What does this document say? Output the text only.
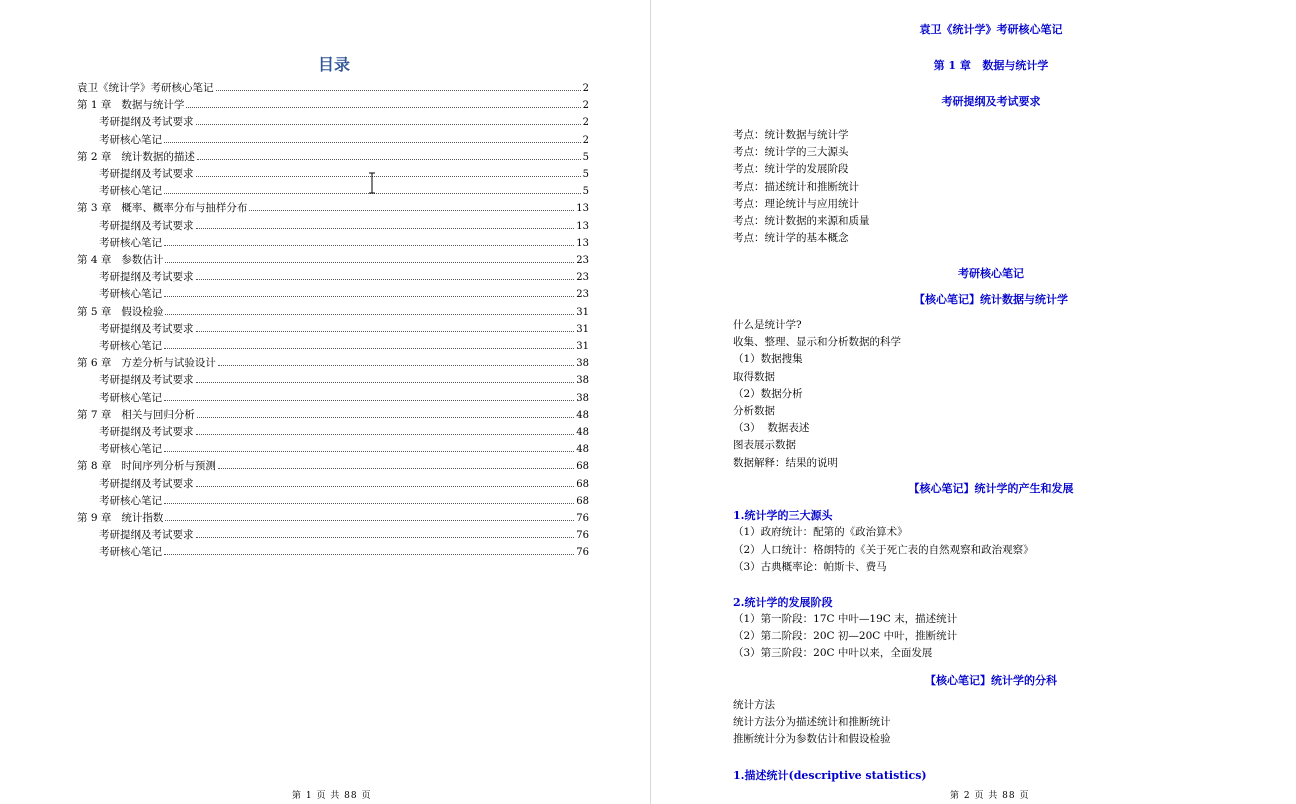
目录
袁卫《统计学》考研核心笔记	2
第 1 章   数据与统计学	2
考研提纲及考试要求	2
考研核心笔记	2
第 2 章   统计数据的描述	5
考研提纲及考试要求	5
考研核心笔记	5
第 3 章   概率、概率分布与抽样分布	13
考研提纲及考试要求	13
考研核心笔记	13
第 4 章   参数估计	23
考研提纲及考试要求	23
考研核心笔记	23
第 5 章   假设检验	31
考研提纲及考试要求	31
考研核心笔记	31
第 6 章   方差分析与试验设计	38
考研提纲及考试要求	38
考研核心笔记	38
第 7 章   相关与回归分析	48
考研提纲及考试要求	48
考研核心笔记	48
第 8 章   时间序列分析与预测	68
考研提纲及考试要求	68
考研核心笔记	68
第 9 章   统计指数	76
考研提纲及考试要求	76
考研核心笔记	76
第 1 页 共 88 页
袁卫《统计学》考研核心笔记
第 1 章   数据与统计学
考研提纲及考试要求
考点：统计数据与统计学
考点：统计学的三大源头
考点：统计学的发展阶段
考点：描述统计和推断统计
考点：理论统计与应用统计
考点：统计数据的来源和质量
考点：统计学的基本概念
考研核心笔记
【核心笔记】统计数据与统计学
什么是统计学?
收集、整理、显示和分析数据的科学
（1）数据搜集
取得数据
（2）数据分析
分析数据
（3）  数据表述
图表展示数据
数据解释：结果的说明
【核心笔记】统计学的产生和发展
1.统计学的三大源头
（1）政府统计：配第的《政治算术》
（2）人口统计：格朗特的《关于死亡表的自然观察和政治观察》
（3）古典概率论：帕斯卡、费马
2.统计学的发展阶段
（1）第一阶段：17C 中叶—19C 末，描述统计
（2）第二阶段：20C 初—20C 中叶，推断统计
（3）第三阶段：20C 中叶以来，全面发展
【核心笔记】统计学的分科
统计方法
统计方法分为描述统计和推断统计
推断统计分为参数估计和假设检验
1.描述统计(descriptive statistics)
第 2 页 共 88 页
